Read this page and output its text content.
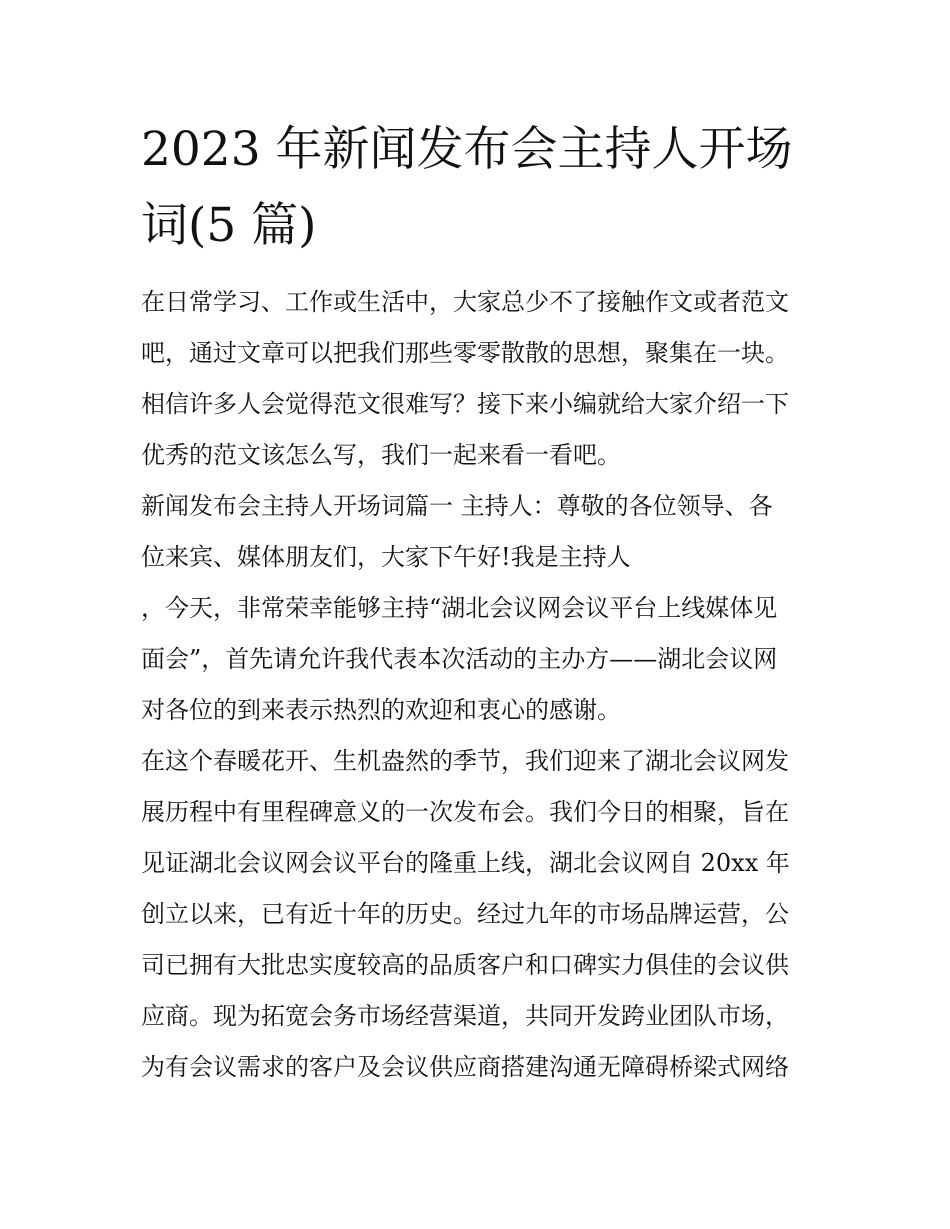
2023 年新闻发布会主持人开场
词(5 篇)

在日常学习、工作或生活中，大家总少不了接触作文或者范文

吧，通过文章可以把我们那些零零散散的思想，聚集在一块。

相信许多人会觉得范文很难写？接下来小编就给大家介绍一下

优秀的范文该怎么写，我们一起来看一看吧。

新闻发布会主持人开场词篇一 主持人：尊敬的各位领导、各

位来宾、媒体朋友们，大家下午好!我是主持人

，今天，非常荣幸能够主持“湖北会议网会议平台上线媒体见

面会”，首先请允许我代表本次活动的主办方——湖北会议网

对各位的到来表示热烈的欢迎和衷心的感谢。

在这个春暖花开、生机盎然的季节，我们迎来了湖北会议网发

展历程中有里程碑意义的一次发布会。我们今日的相聚，旨在

见证湖北会议网会议平台的隆重上线，湖北会议网自 20xx 年

创立以来，已有近十年的历史。经过九年的市场品牌运营，公

司已拥有大批忠实度较高的品质客户和口碑实力俱佳的会议供

应商。现为拓宽会务市场经营渠道，共同开发跨业团队市场，

为有会议需求的客户及会议供应商搭建沟通无障碍桥梁式网络
